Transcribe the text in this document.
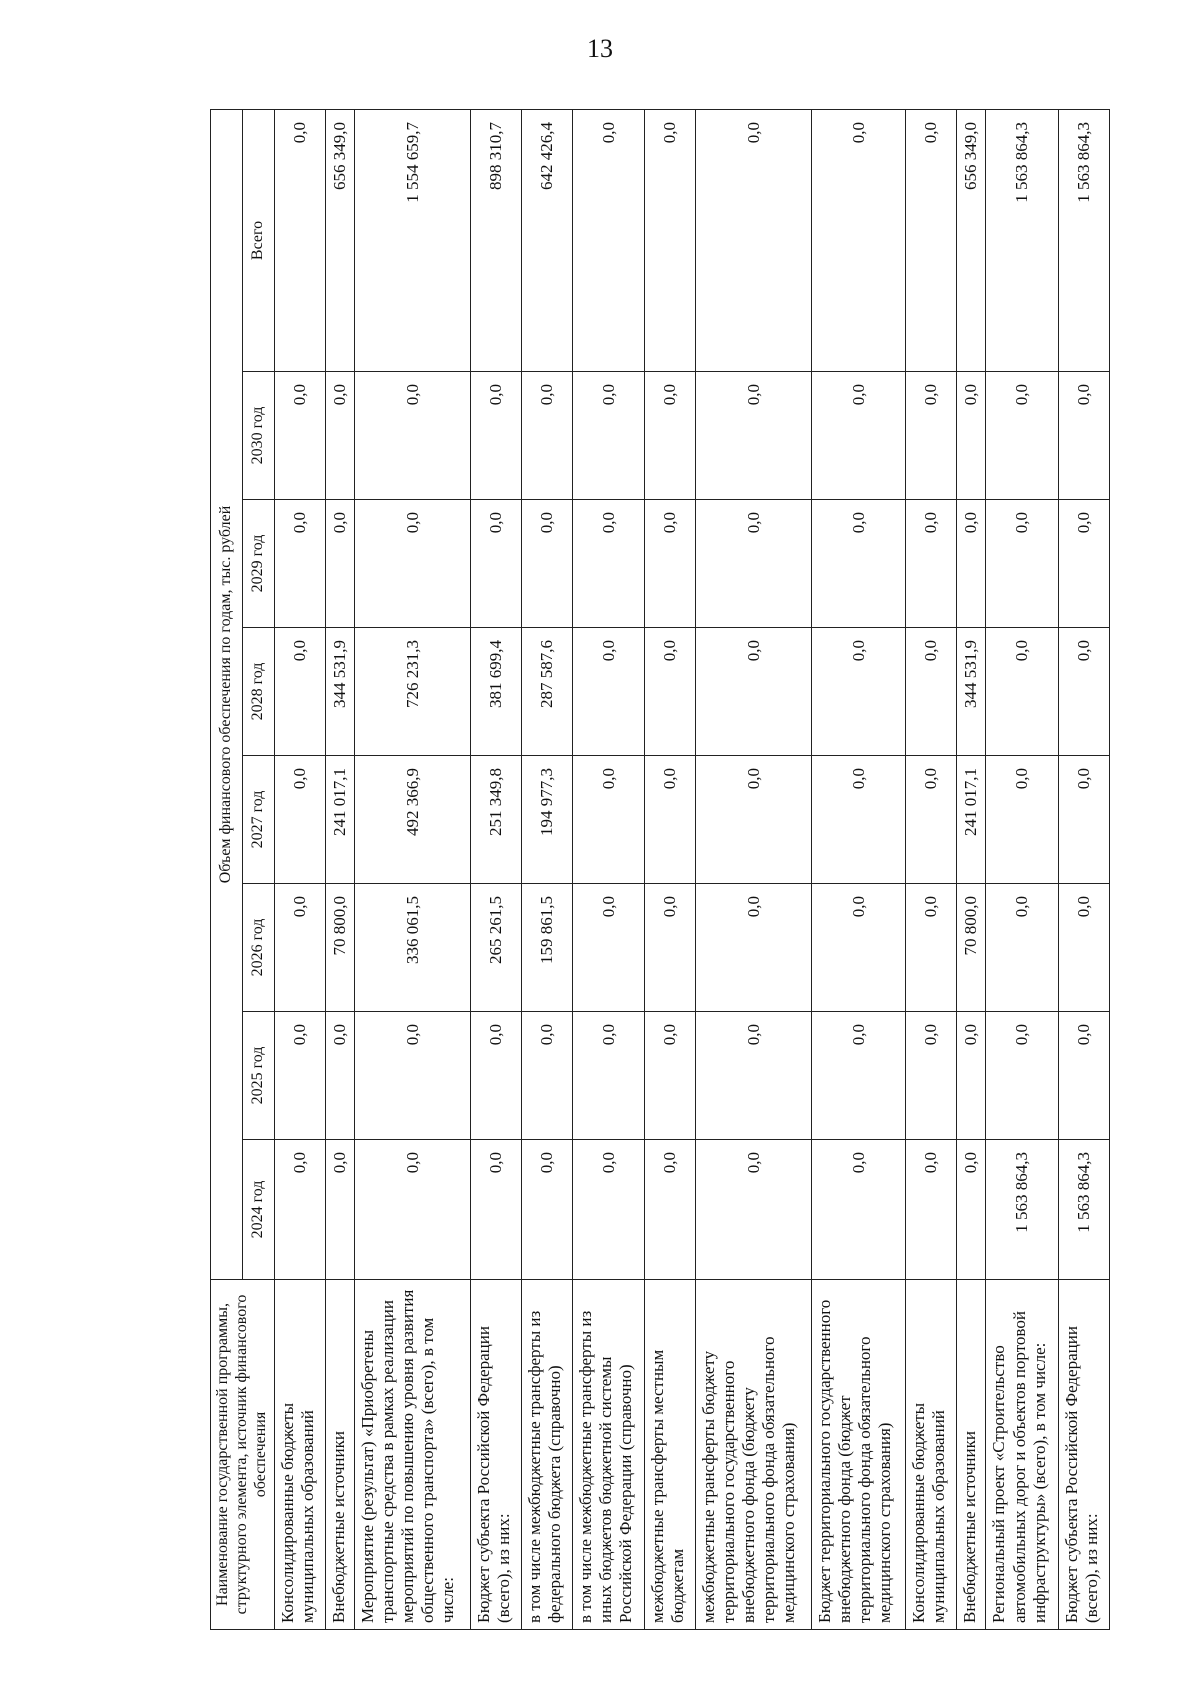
13
Наименование государственной программы, структурного элемента, источник финансового обеспечения	Объем финансового обеспечения по годам, тыс. рублей							
	2024 год	2025 год	2026 год	2027 год	2028 год	2029 год	2030 год	Всего
Консолидированные бюджеты муниципальных образований	0,0	0,0	0,0	0,0	0,0	0,0	0,0	0,0
Внебюджетные источники	0,0	0,0	70 800,0	241 017,1	344 531,9	0,0	0,0	656 349,0
Мероприятие (результат) «Приобретены транспортные средства в рамках реализации мероприятий по повышению уровня развития общественного транспорта» (всего), в том числе:	0,0	0,0	336 061,5	492 366,9	726 231,3	0,0	0,0	1 554 659,7
Бюджет субъекта Российской Федерации (всего), из них:	0,0	0,0	265 261,5	251 349,8	381 699,4	0,0	0,0	898 310,7
в том числе межбюджетные трансферты из федерального бюджета (справочно)	0,0	0,0	159 861,5	194 977,3	287 587,6	0,0	0,0	642 426,4
в том числе межбюджетные трансферты из иных бюджетов бюджетной системы Российской Федерации (справочно)	0,0	0,0	0,0	0,0	0,0	0,0	0,0	0,0
межбюджетные трансферты местным бюджетам	0,0	0,0	0,0	0,0	0,0	0,0	0,0	0,0
межбюджетные трансферты бюджету территориального государственного внебюджетного фонда (бюджету территориального фонда обязательного медицинского страхования)	0,0	0,0	0,0	0,0	0,0	0,0	0,0	0,0
Бюджет территориального государственного внебюджетного фонда (бюджет территориального фонда обязательного медицинского страхования)	0,0	0,0	0,0	0,0	0,0	0,0	0,0	0,0
Консолидированные бюджеты муниципальных образований	0,0	0,0	0,0	0,0	0,0	0,0	0,0	0,0
Внебюджетные источники	0,0	0,0	70 800,0	241 017,1	344 531,9	0,0	0,0	656 349,0
Региональный проект «Строительство автомобильных дорог и объектов портовой инфраструктуры» (всего), в том числе:	1 563 864,3	0,0	0,0	0,0	0,0	0,0	0,0	1 563 864,3
Бюджет субъекта Российской Федерации (всего), из них:	1 563 864,3	0,0	0,0	0,0	0,0	0,0	0,0	1 563 864,3
